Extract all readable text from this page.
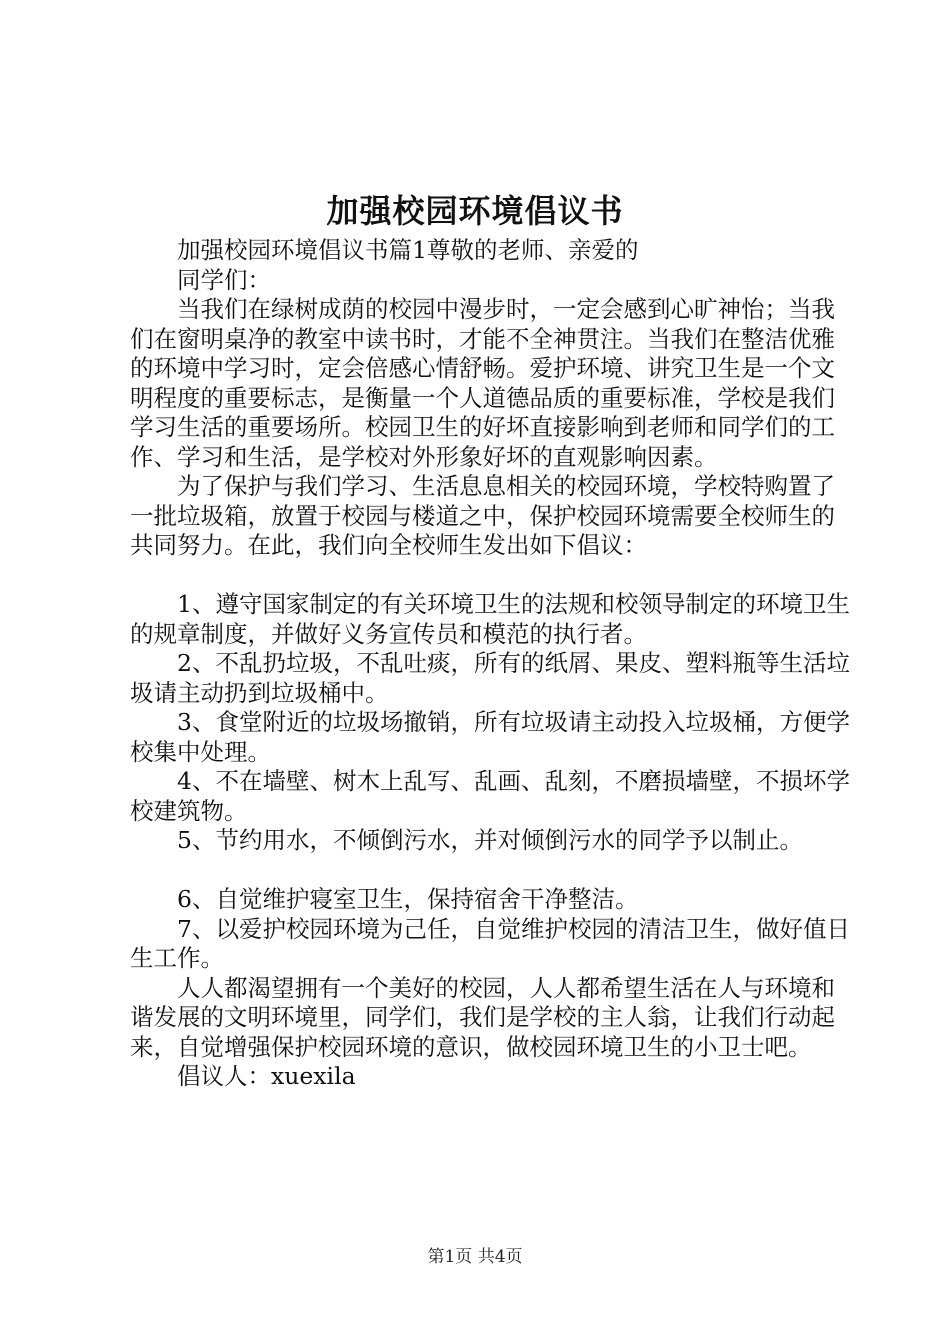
加强校园环境倡议书

加强校园环境倡议书篇1尊敬的老师、亲爱的

同学们：

当我们在绿树成荫的校园中漫步时，一定会感到心旷神怡；当我们在窗明桌净的教室中读书时，才能不全神贯注。当我们在整洁优雅的环境中学习时，定会倍感心情舒畅。爱护环境、讲究卫生是一个文明程度的重要标志，是衡量一个人道德品质的重要标准，学校是我们学习生活的重要场所。校园卫生的好坏直接影响到老师和同学们的工作、学习和生活，是学校对外形象好坏的直观影响因素。

为了保护与我们学习、生活息息相关的校园环境，学校特购置了一批垃圾箱，放置于校园与楼道之中，保护校园环境需要全校师生的共同努力。在此，我们向全校师生发出如下倡议：

1、遵守国家制定的有关环境卫生的法规和校领导制定的环境卫生的规章制度，并做好义务宣传员和模范的执行者。

2、不乱扔垃圾，不乱吐痰，所有的纸屑、果皮、塑料瓶等生活垃圾请主动扔到垃圾桶中。

3、食堂附近的垃圾场撤销，所有垃圾请主动投入垃圾桶，方便学校集中处理。

4、不在墙壁、树木上乱写、乱画、乱刻，不磨损墙壁，不损坏学校建筑物。

5、节约用水，不倾倒污水，并对倾倒污水的同学予以制止。

6、自觉维护寝室卫生，保持宿舍干净整洁。

7、以爱护校园环境为己任，自觉维护校园的清洁卫生，做好值日生工作。

人人都渴望拥有一个美好的校园，人人都希望生活在人与环境和谐发展的文明环境里，同学们，我们是学校的主人翁，让我们行动起来，自觉增强保护校园环境的意识，做校园环境卫生的小卫士吧。

倡议人：xuexila

第1页 共4页
